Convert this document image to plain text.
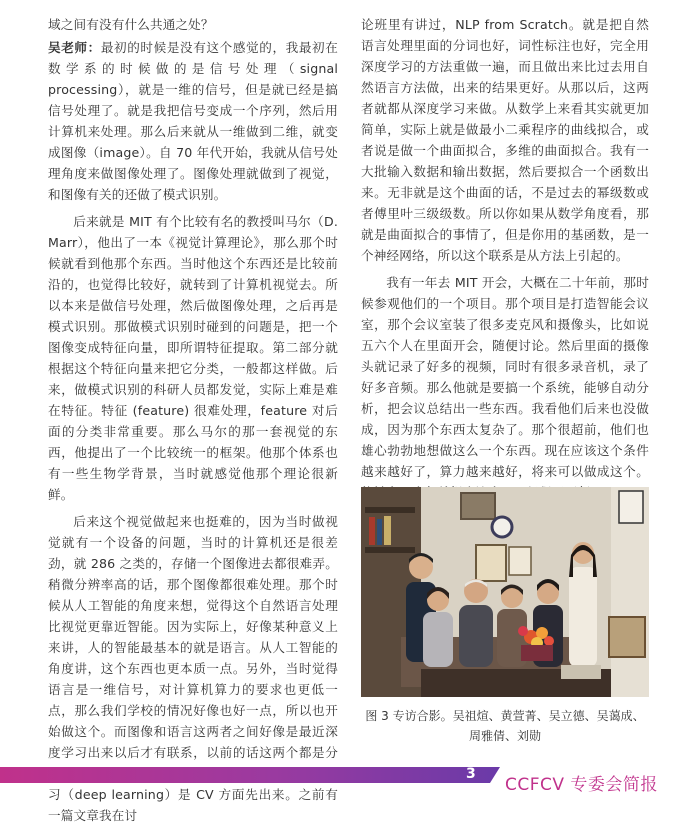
域之间有没有什么共通之处？

吴老师：最初的时候是没有这个感觉的，我最初在数学系的时候做的是信号处理（signal processing），就是一维的信号，但是就已经是搞信号处理了。就是我把信号变成一个序列，然后用计算机来处理。那么后来就从一维做到二维，就变成图像（image）。自 70 年代开始，我就从信号处理角度来做图像处理了。图像处理就做到了视觉，和图像有关的还做了模式识别。

后来就是 MIT 有个比较有名的教授叫马尔（D. Marr），他出了一本《视觉计算理论》，那么那个时候就看到他那个东西。当时他这个东西还是比较前沿的，也觉得比较好，就转到了计算机视觉去。所以本来是做信号处理，然后做图像处理，之后再是模式识别。那做模式识别时碰到的问题是，把一个图像变成特征向量，即所谓特征提取。第二部分就根据这个特征向量来把它分类，一般都这样做。后来，做模式识别的科研人员都发觉，实际上难是难在特征。特征 (feature) 很难处理，feature 对后面的分类非常重要。那么马尔的那一套视觉的东西，他提出了一个比较统一的框架。他那个体系也有一些生物学背景，当时就感觉他那个理论很新鲜。

后来这个视觉做起来也挺难的，因为当时做视觉就有一个设备的问题，当时的计算机还是很差劲，就 286 之类的，存储一个图像进去都很难弄。稍微分辨率高的话，那个图像都很难处理。那个时候从人工智能的角度来想，觉得这个自然语言处理比视觉更靠近智能。因为实际上，好像某种意义上来讲，人的智能最基本的就是语言。从人工智能的角度讲，这个东西也更本质一点。另外，当时觉得语言是一维信号，对计算机算力的要求也更低一点，那么我们学校的情况好像也好一点，所以也开始做这个。而图像和语言这两者之间好像是最近深度学习出来以后才有联系，以前的话这两个都是分 习（deep learning）是 CV 方面先出来。之前有一篇文章我在讨

论班里有讲过，NLP from Scratch。就是把自然语言处理里面的分词也好，词性标注也好，完全用深度学习的方法重做一遍，而且做出来比过去用自然语言方法做，出来的结果更好。从那以后，这两者就都从深度学习来做。从数学上来看其实就更加简单，实际上就是做最小二乘程序的曲线拟合，或者说是做一个曲面拟合，多维的曲面拟合。我有一大批输入数据和输出数据，然后要拟合一个函数出来。无非就是这个曲面的话，不是过去的幂级数或者傅里叶三级级数。所以你如果从数学角度看，那就是曲面拟合的事情了，但是你用的基函数，是一个神经网络，所以这个联系是从方法上引起的。

我有一年去 MIT 开会，大概在二十年前，那时候参观他们的一个项目。那个项目是打造智能会议室，那个会议室装了很多麦克风和摄像头，比如说五六个人在里面开会，随便讨论。然后里面的摄像头就记录了好多的视频，同时有很多录音机，录了好多音频。那么他就是要搞一个系统，能够自动分析，把会议总结出一些东西。我看他们后来也没做成，因为那个东西太复杂了。那个很超前，他们也雄心勃勃地想做这么一个东西。现在应该这个条件越来越好了，算力越来越好，将来可以做成这个。

图 3 专访合影。吴祖煊、黄萱菁、吴立德、吴蔼成、周雅倩、刘勋
3
CCFCV 专委会简报
